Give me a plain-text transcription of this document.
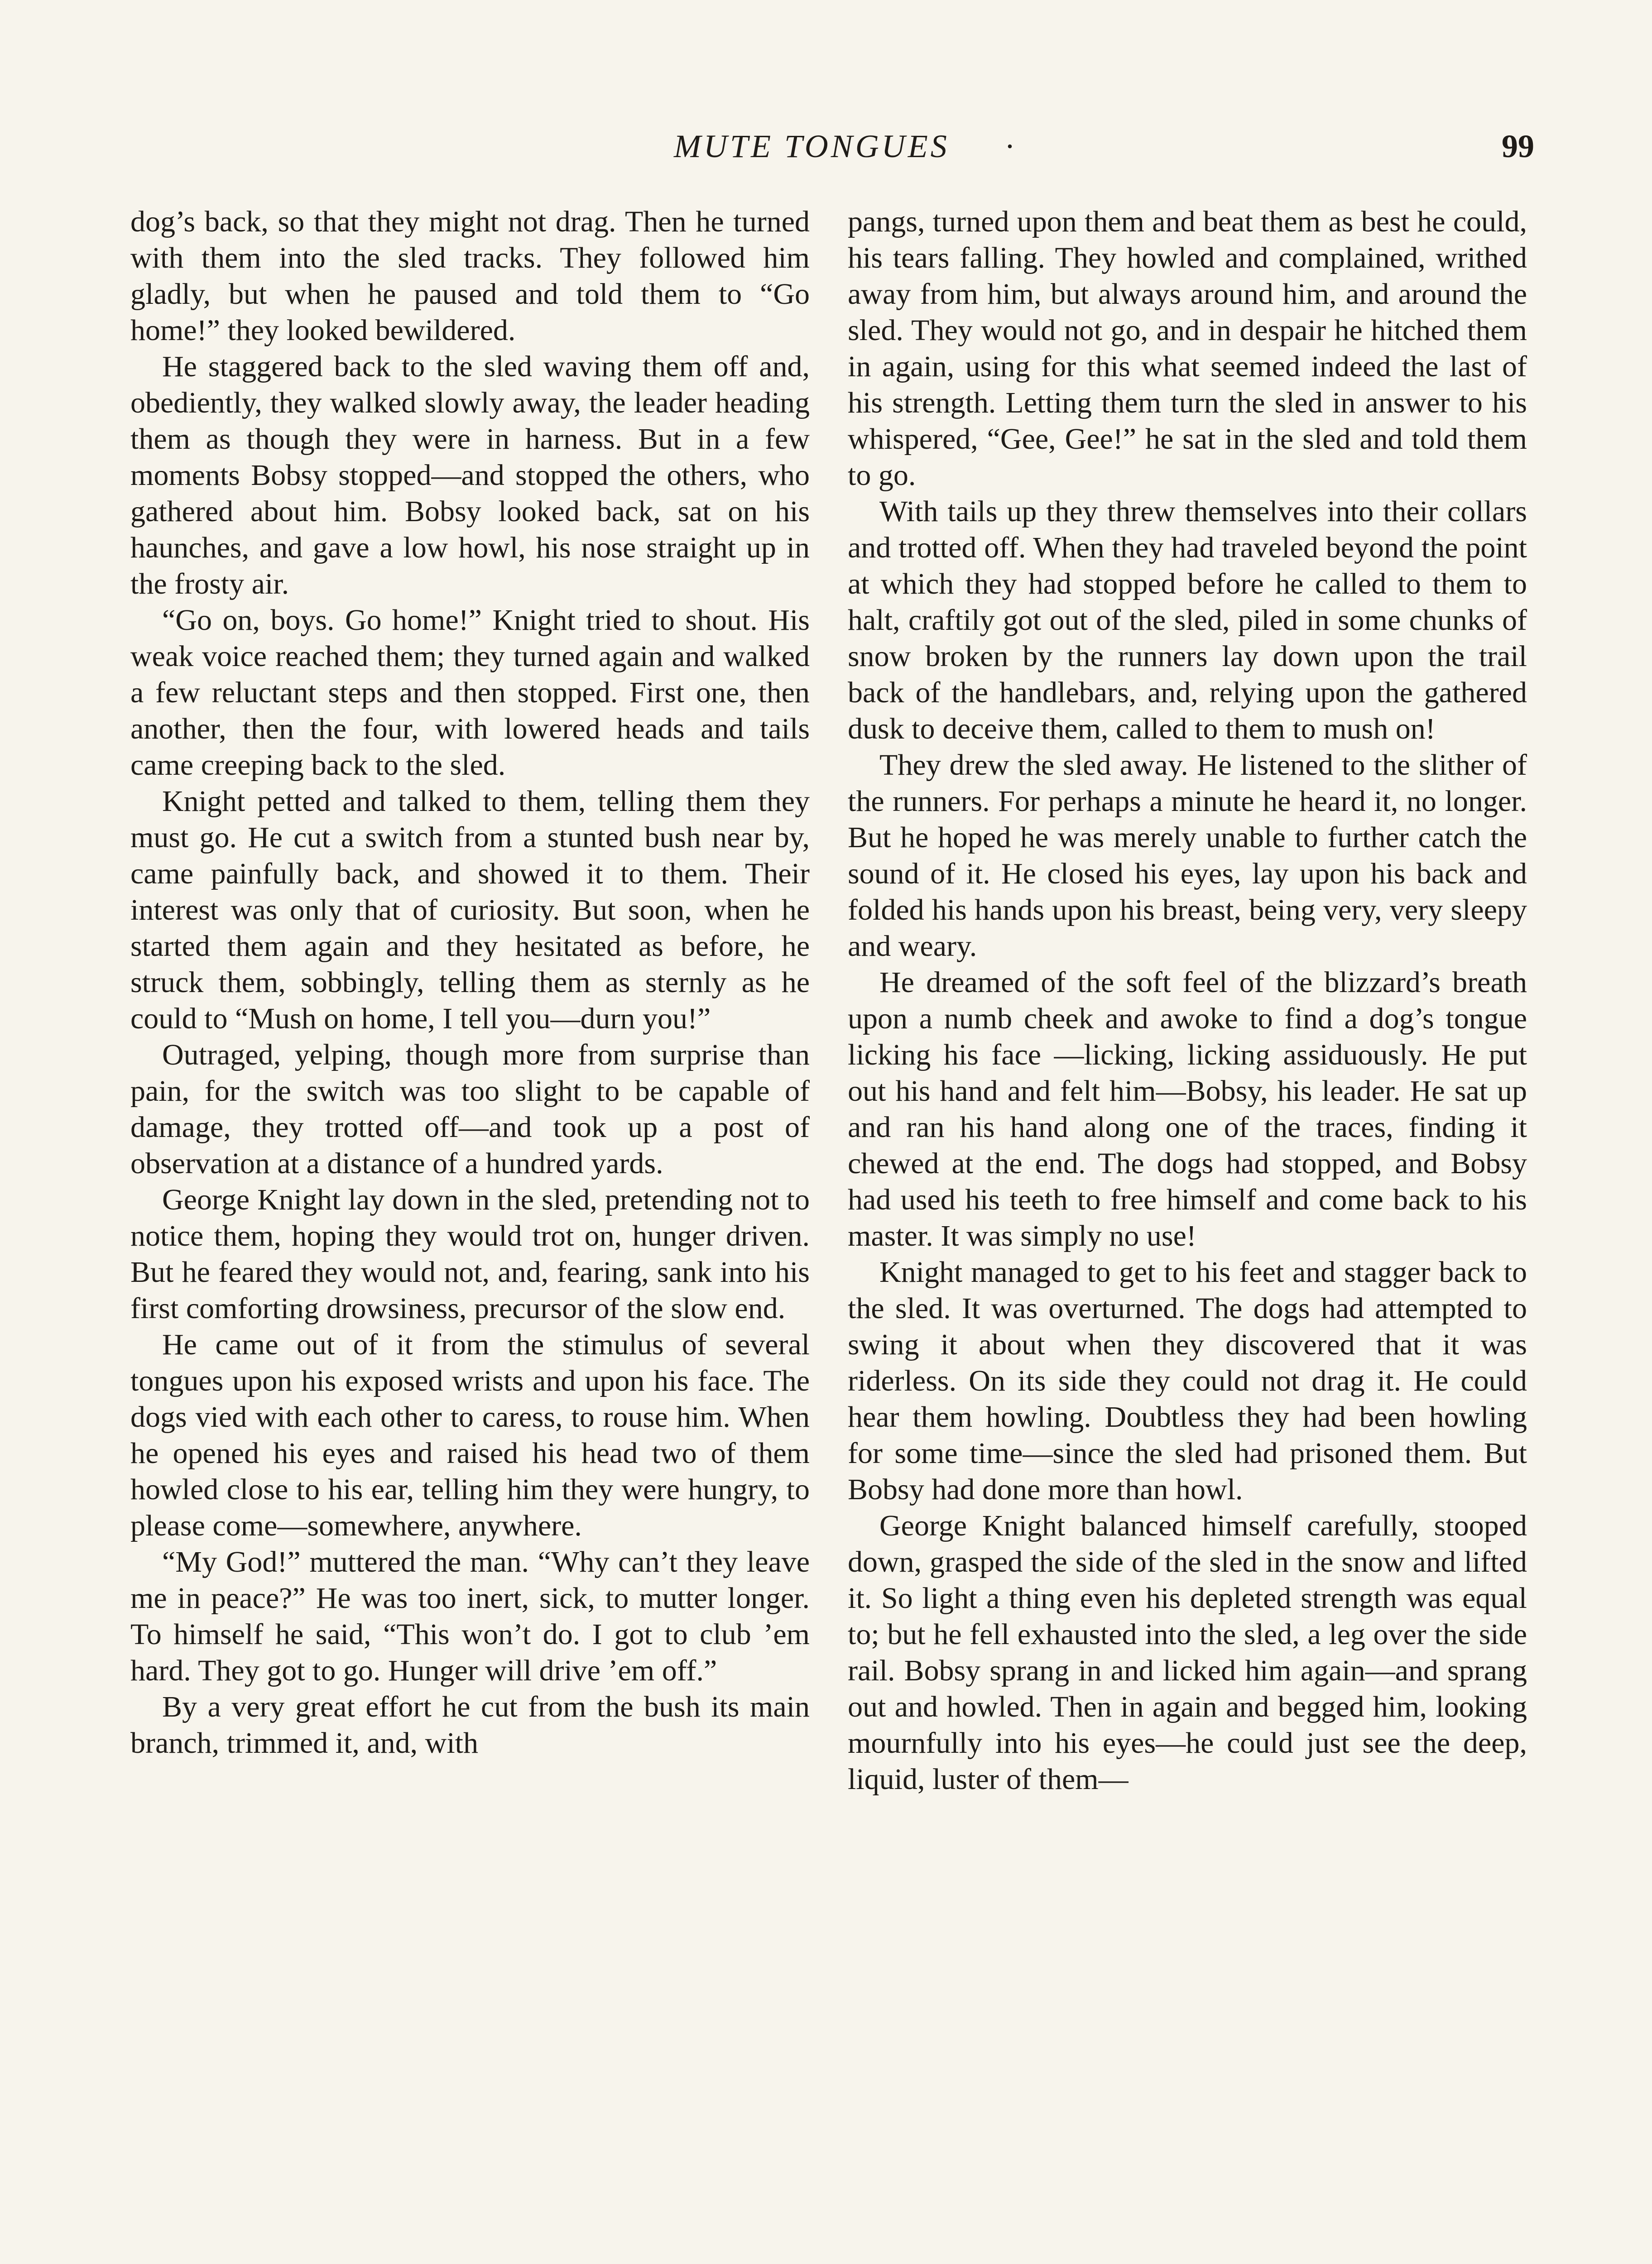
MUTE TONGUES ·	99

dog’s back, so that they might not drag. Then he turned with them into the sled tracks. They followed him gladly, but when he paused and told them to “Go home!” they looked bewildered.

He staggered back to the sled waving them off and, obediently, they walked slowly away, the leader heading them as though they were in harness. But in a few moments Bobsy stopped—and stopped the others, who gathered about him. Bobsy looked back, sat on his haunches, and gave a low howl, his nose straight up in the frosty air.

“Go on, boys. Go home!” Knight tried to shout. His weak voice reached them; they turned again and walked a few reluctant steps and then stopped. First one, then another, then the four, with lowered heads and tails came creeping back to the sled.

Knight petted and talked to them, telling them they must go. He cut a switch from a stunted bush near by, came painfully back, and showed it to them. Their interest was only that of curiosity. But soon, when he started them again and they hesitated as before, he struck them, sobbingly, telling them as sternly as he could to “Mush on home, I tell you—durn you!”

Outraged, yelping, though more from surprise than pain, for the switch was too slight to be capable of damage, they trotted off—and took up a post of observation at a distance of a hundred yards.

George Knight lay down in the sled, pretending not to notice them, hoping they would trot on, hunger driven. But he feared they would not, and, fearing, sank into his first comforting drowsiness, precursor of the slow end.

He came out of it from the stimulus of several tongues upon his exposed wrists and upon his face. The dogs vied with each other to caress, to rouse him. When he opened his eyes and raised his head two of them howled close to his ear, telling him they were hungry, to please come—somewhere, anywhere.

“My God!” muttered the man. “Why can’t they leave me in peace?” He was too inert, sick, to mutter longer. To himself he said, “This won’t do. I got to club ’em hard. They got to go. Hunger will drive ’em off.”

By a very great effort he cut from the bush its main branch, trimmed it, and, with

pangs, turned upon them and beat them as best he could, his tears falling. They howled and complained, writhed away from him, but always around him, and around the sled. They would not go, and in despair he hitched them in again, using for this what seemed indeed the last of his strength. Letting them turn the sled in answer to his whispered, “Gee, Gee!” he sat in the sled and told them to go.

With tails up they threw themselves into their collars and trotted off. When they had traveled beyond the point at which they had stopped before he called to them to halt, craftily got out of the sled, piled in some chunks of snow broken by the runners lay down upon the trail back of the handlebars, and, relying upon the gathered dusk to deceive them, called to them to mush on!

They drew the sled away. He listened to the slither of the runners. For perhaps a minute he heard it, no longer. But he hoped he was merely unable to further catch the sound of it. He closed his eyes, lay upon his back and folded his hands upon his breast, being very, very sleepy and weary.

He dreamed of the soft feel of the blizzard’s breath upon a numb cheek and awoke to find a dog’s tongue licking his face —licking, licking assiduously. He put out his hand and felt him—Bobsy, his leader. He sat up and ran his hand along one of the traces, finding it chewed at the end. The dogs had stopped, and Bobsy had used his teeth to free himself and come back to his master. It was simply no use!

Knight managed to get to his feet and stagger back to the sled. It was overturned. The dogs had attempted to swing it about when they discovered that it was riderless. On its side they could not drag it. He could hear them howling. Doubtless they had been howling for some time—since the sled had prisoned them. But Bobsy had done more than howl.

George Knight balanced himself carefully, stooped down, grasped the side of the sled in the snow and lifted it. So light a thing even his depleted strength was equal to; but he fell exhausted into the sled, a leg over the side rail. Bobsy sprang in and licked him again—and sprang out and howled. Then in again and begged him, looking mournfully into his eyes—he could just see the deep, liquid, luster of them—
